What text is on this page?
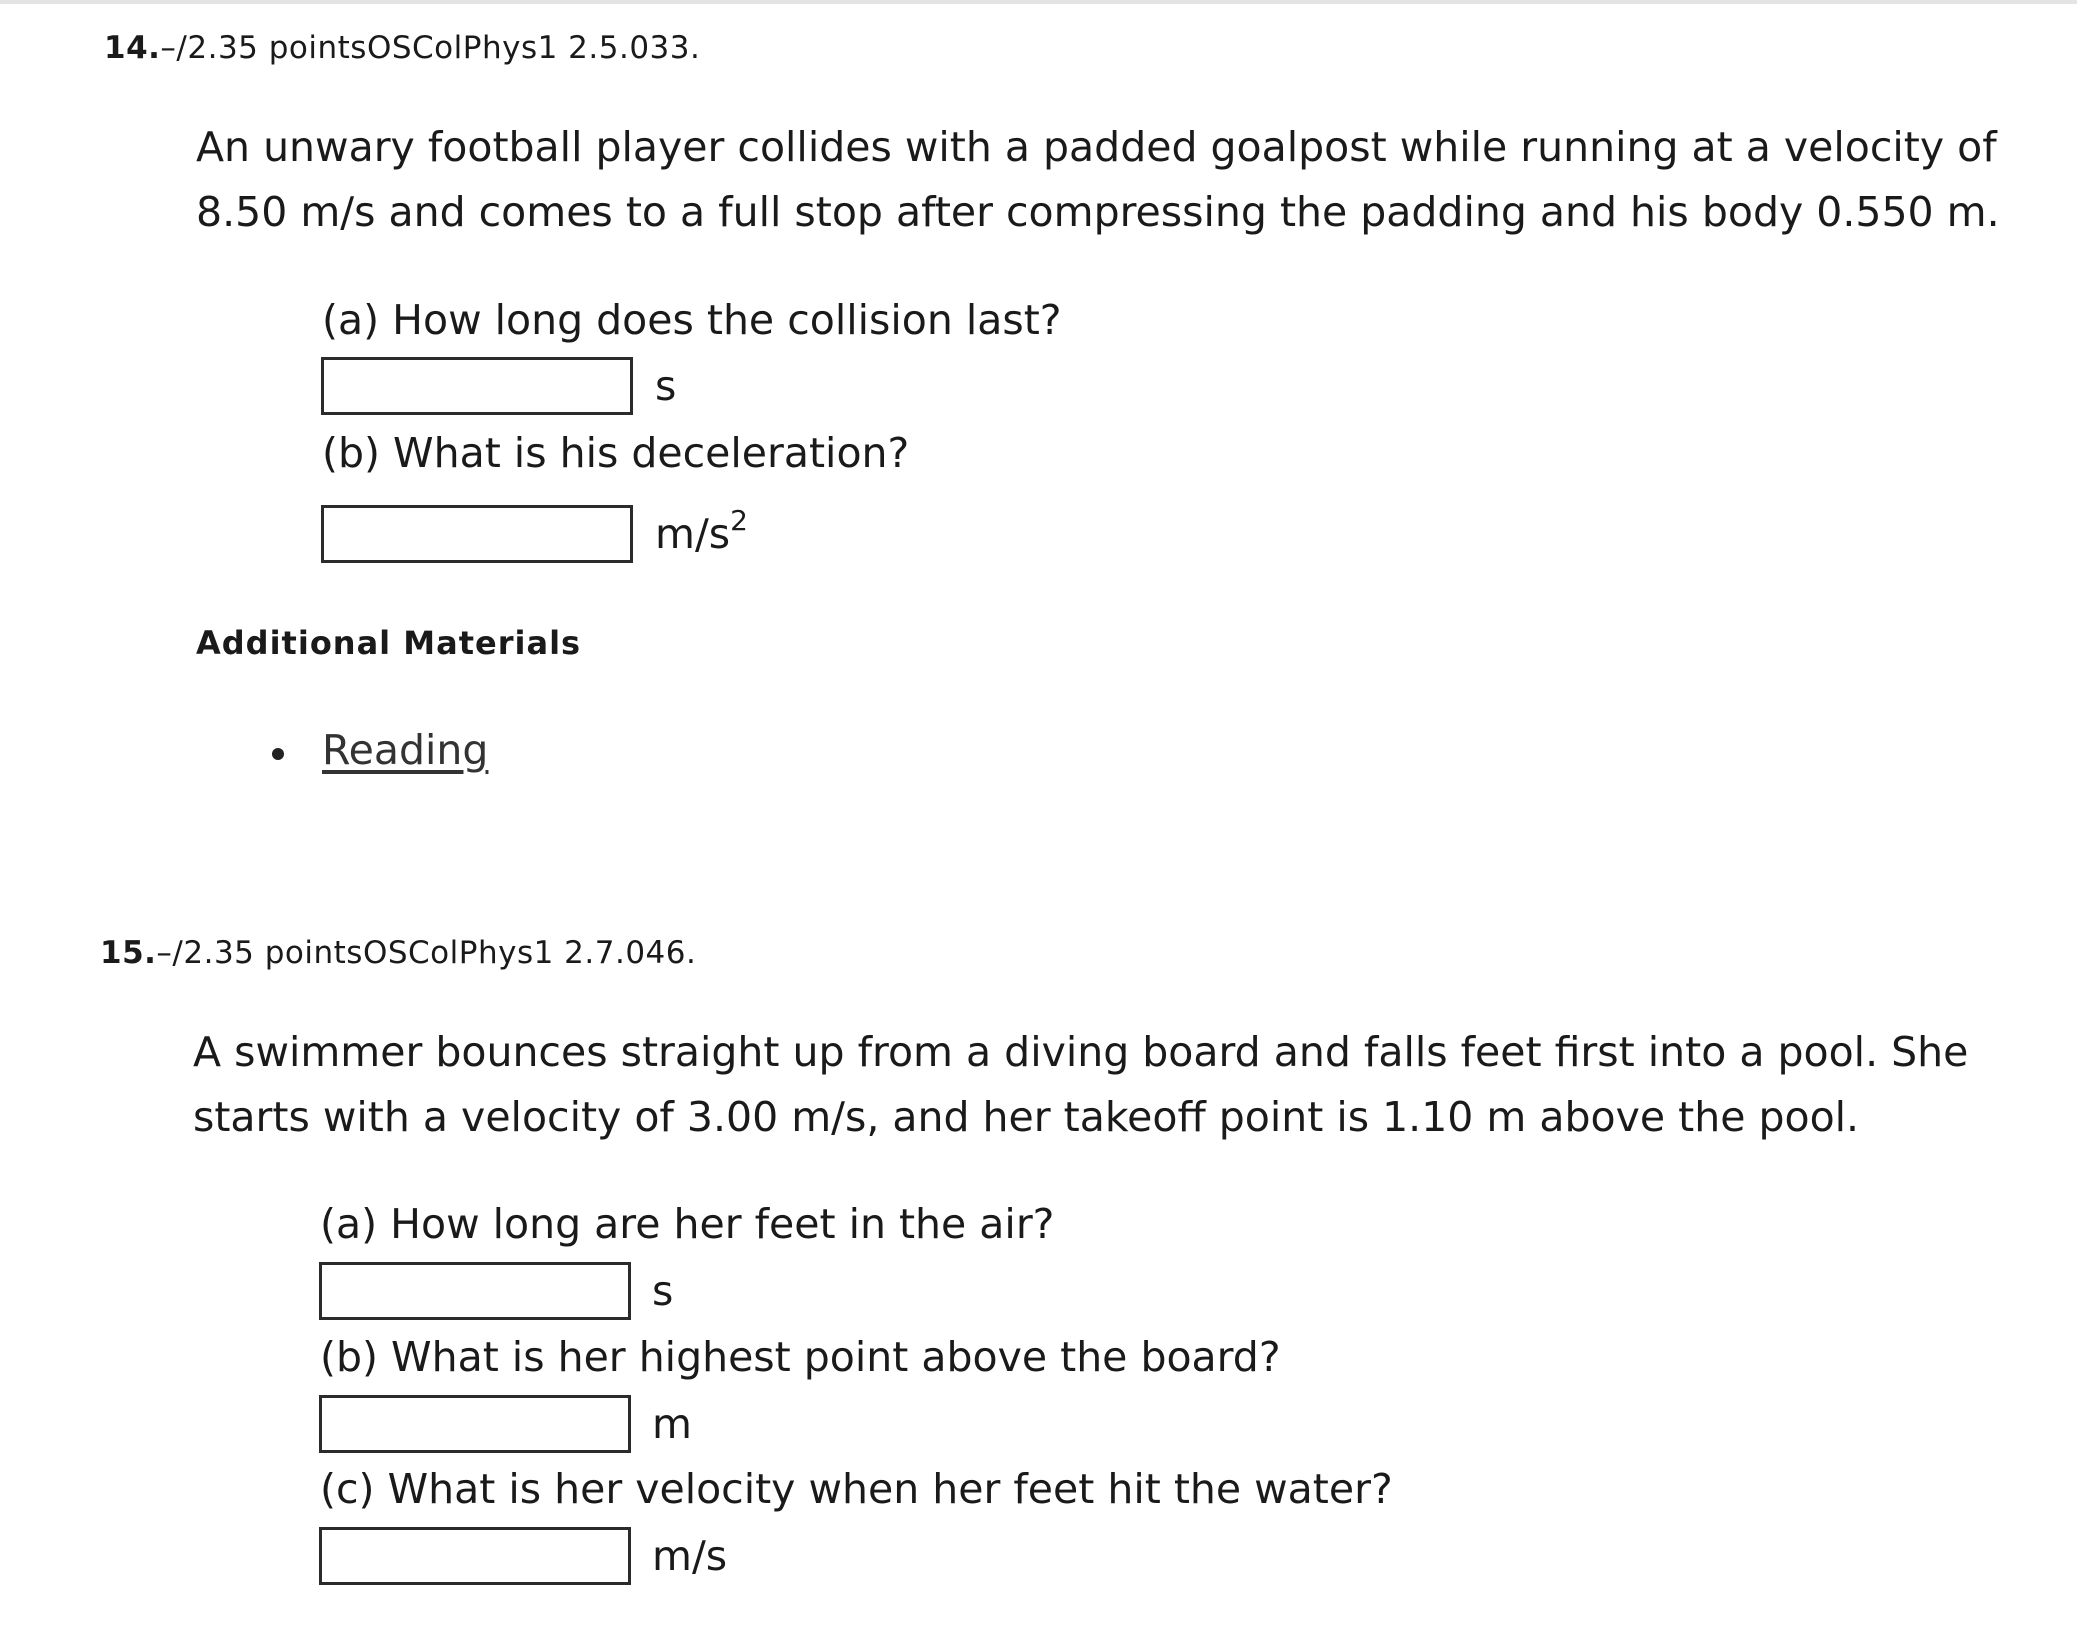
14.–/2.35 pointsOSColPhys1 2.5.033.
An unwary football player collides with a padded goalpost while running at a velocity of
8.50 m/s and comes to a full stop after compressing the padding and his body 0.550 m.
(a) How long does the collision last?
s
(b) What is his deceleration?
$m/s^2$
Additional Materials
Reading
15.–/2.35 pointsOSColPhys1 2.7.046.
A swimmer bounces straight up from a diving board and falls feet first into a pool. She
starts with a velocity of 3.00 m/s, and her takeoff point is 1.10 m above the pool.
(a) How long are her feet in the air?
s
(b) What is her highest point above the board?
m
(c) What is her velocity when her feet hit the water?
m/s
